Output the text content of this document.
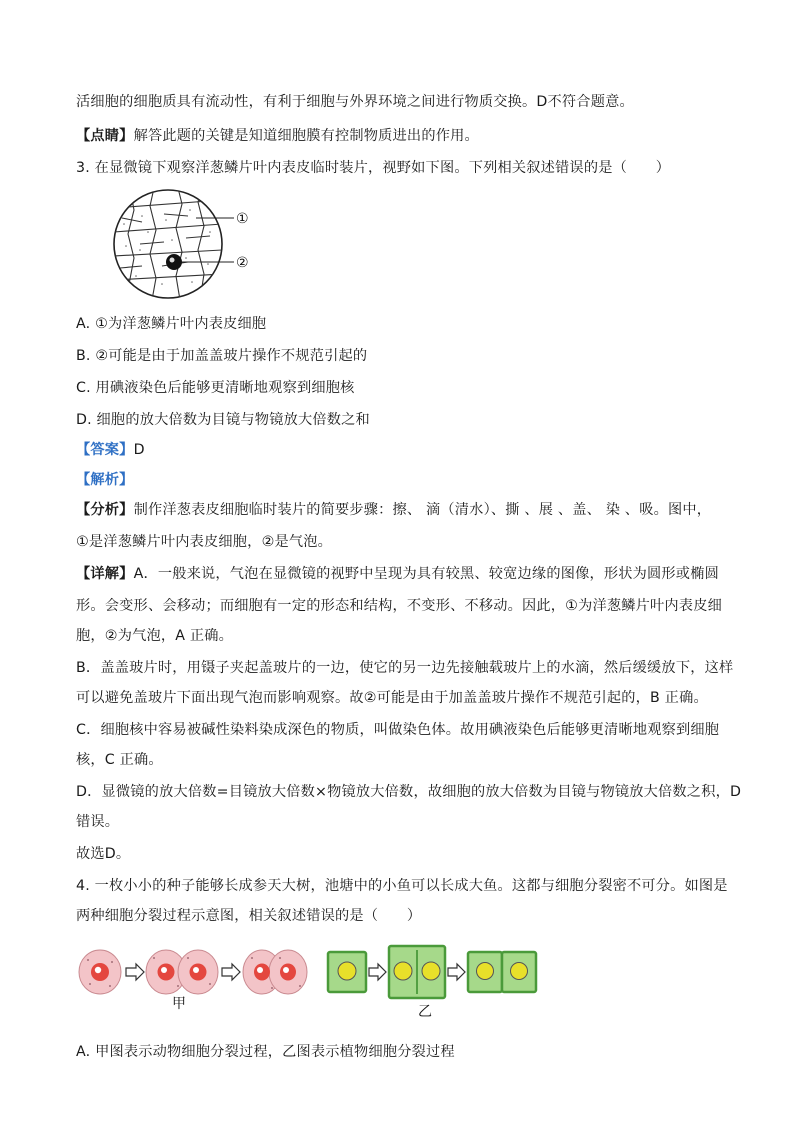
活细胞的细胞质具有流动性，有利于细胞与外界环境之间进行物质交换。D不符合题意。
【点睛】解答此题的关键是知道细胞膜有控制物质进出的作用。
3. 在显微镜下观察洋葱鳞片叶内表皮临时装片，视野如下图。下列相关叙述错误的是（　　）
①
②
A. ①为洋葱鳞片叶内表皮细胞
B. ②可能是由于加盖盖玻片操作不规范引起的
C. 用碘液染色后能够更清晰地观察到细胞核
D. 细胞的放大倍数为目镜与物镜放大倍数之和
【答案】D
【解析】
【分析】制作洋葱表皮细胞临时装片的简要步骤：擦、 滴（清水）、撕 、展 、盖、 染 、吸。图中，
①是洋葱鳞片叶内表皮细胞，②是气泡。
【详解】A．一般来说，气泡在显微镜的视野中呈现为具有较黑、较宽边缘的图像，形状为圆形或椭圆
形。会变形、会移动；而细胞有一定的形态和结构，不变形、不移动。因此，①为洋葱鳞片叶内表皮细
胞，②为气泡，A 正确。
B．盖盖玻片时，用镊子夹起盖玻片的一边，使它的另一边先接触载玻片上的水滴，然后缓缓放下，这样
可以避免盖玻片下面出现气泡而影响观察。故②可能是由于加盖盖玻片操作不规范引起的，B 正确。
C．细胞核中容易被碱性染料染成深色的物质，叫做染色体。故用碘液染色后能够更清晰地观察到细胞
核，C 正确。
D．显微镜的放大倍数=目镜放大倍数×物镜放大倍数，故细胞的放大倍数为目镜与物镜放大倍数之积，D
错误。
故选D。
4. 一枚小小的种子能够长成参天大树，池塘中的小鱼可以长成大鱼。这都与细胞分裂密不可分。如图是
两种细胞分裂过程示意图，相关叙述错误的是（　　）
甲	乙
A. 甲图表示动物细胞分裂过程，乙图表示植物细胞分裂过程
